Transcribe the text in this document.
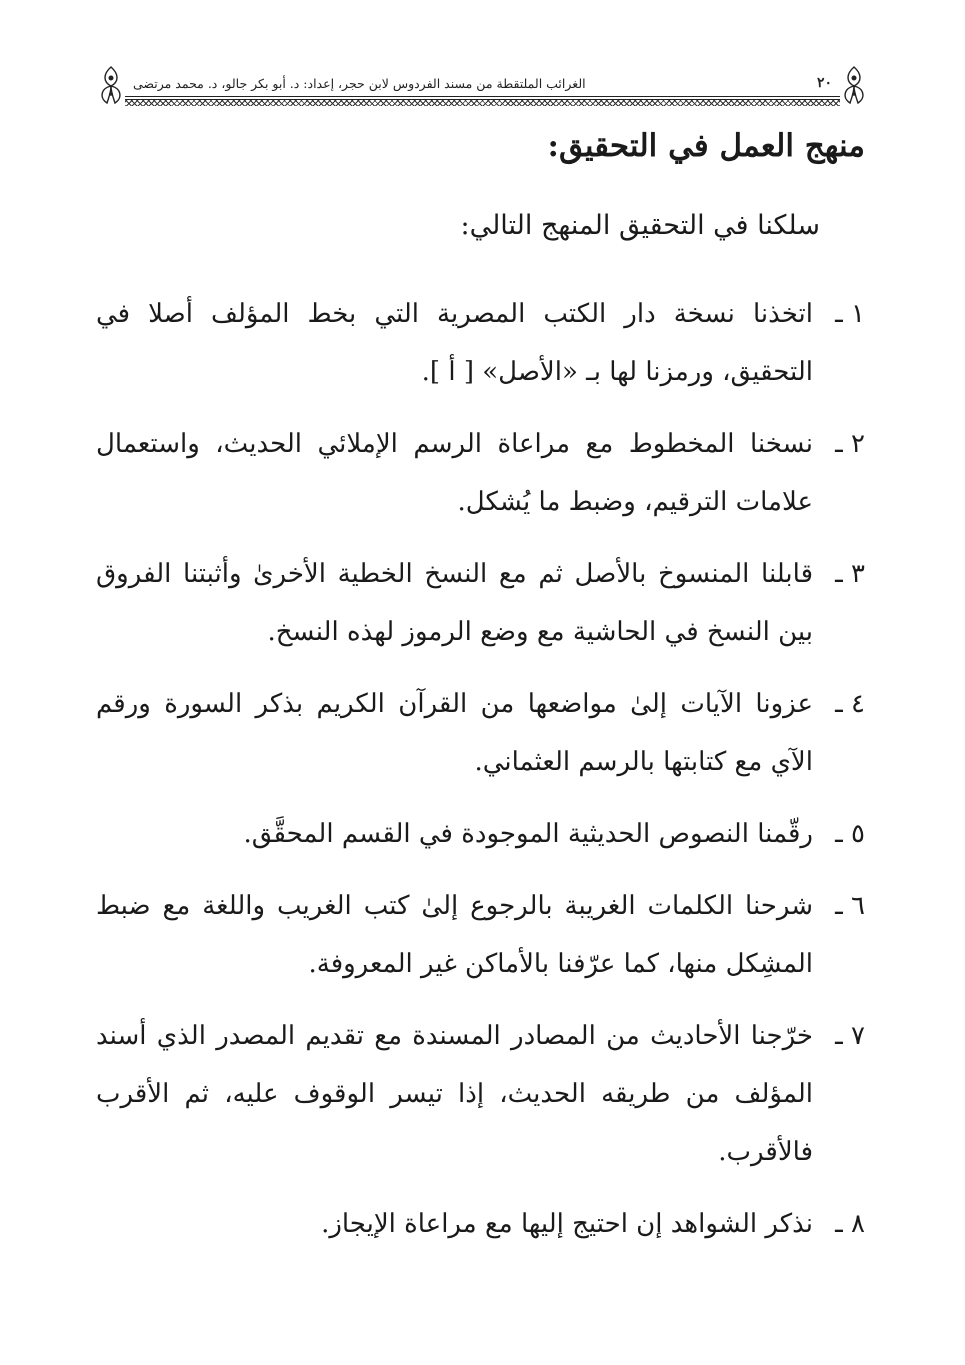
٢٠
الغرائب الملتقطة من مسند الفردوس لابن حجر، إعداد: د. أبو بكر جالو، د. محمد مرتضى
منهج العمل في التحقيق:

سلكنا في التحقيق المنهج التالي:

١ ـ
اتخذنا نسخة دار الكتب المصرية التي بخط المؤلف أصلا في التحقيق، ورمزنا لها بـ «الأصل» [ أ ].
٢ ـ
نسخنا المخطوط مع مراعاة الرسم الإملائي الحديث، واستعمال علامات الترقيم، وضبط ما يُشكل.
٣ ـ
قابلنا المنسوخ بالأصل ثم مع النسخ الخطية الأخرىٰ وأثبتنا الفروق بين النسخ في الحاشية مع وضع الرموز لهذه النسخ.
٤ ـ
عزونا الآيات إلىٰ مواضعها من القرآن الكريم بذكر السورة ورقم الآي مع كتابتها بالرسم العثماني.
٥ ـ
رقّمنا النصوص الحديثية الموجودة في القسم المحقَّق.
٦ ـ
شرحنا الكلمات الغريبة بالرجوع إلىٰ كتب الغريب واللغة مع ضبط المشِكل منها، كما عرّفنا بالأماكن غير المعروفة.
٧ ـ
خرّجنا الأحاديث من المصادر المسندة مع تقديم المصدر الذي أسند المؤلف من طريقه الحديث، إذا تيسر الوقوف عليه، ثم الأقرب فالأقرب.
٨ ـ
نذكر الشواهد إن احتيج إليها مع مراعاة الإيجاز.
